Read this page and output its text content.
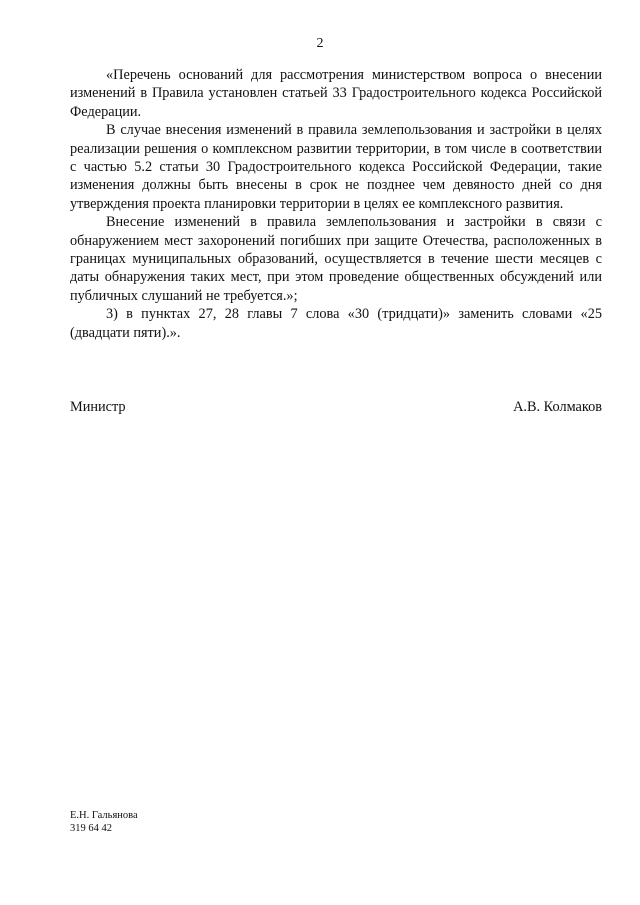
2

«Перечень оснований для рассмотрения министерством вопроса о внесении изменений в Правила установлен статьей 33 Градостроительного кодекса Российской Федерации.

В случае внесения изменений в правила землепользования и застройки в целях реализации решения о комплексном развитии территории, в том числе в соответствии с частью 5.2 статьи 30 Градостроительного кодекса Российской Федерации, такие изменения должны быть внесены в срок не позднее чем девяносто дней со дня утверждения проекта планировки территории в целях ее комплексного развития.

Внесение изменений в правила землепользования и застройки в связи с обнаружением мест захоронений погибших при защите Отечества, расположенных в границах муниципальных образований, осуществляется в течение шести месяцев с даты обнаружения таких мест, при этом проведение общественных обсуждений или публичных слушаний не требуется.»;

3) в пунктах 27, 28 главы 7 слова «30 (тридцати)» заменить словами «25 (двадцати пяти).».

Министр	А.В. Колмаков
Е.Н. Гальянова
319 64 42
